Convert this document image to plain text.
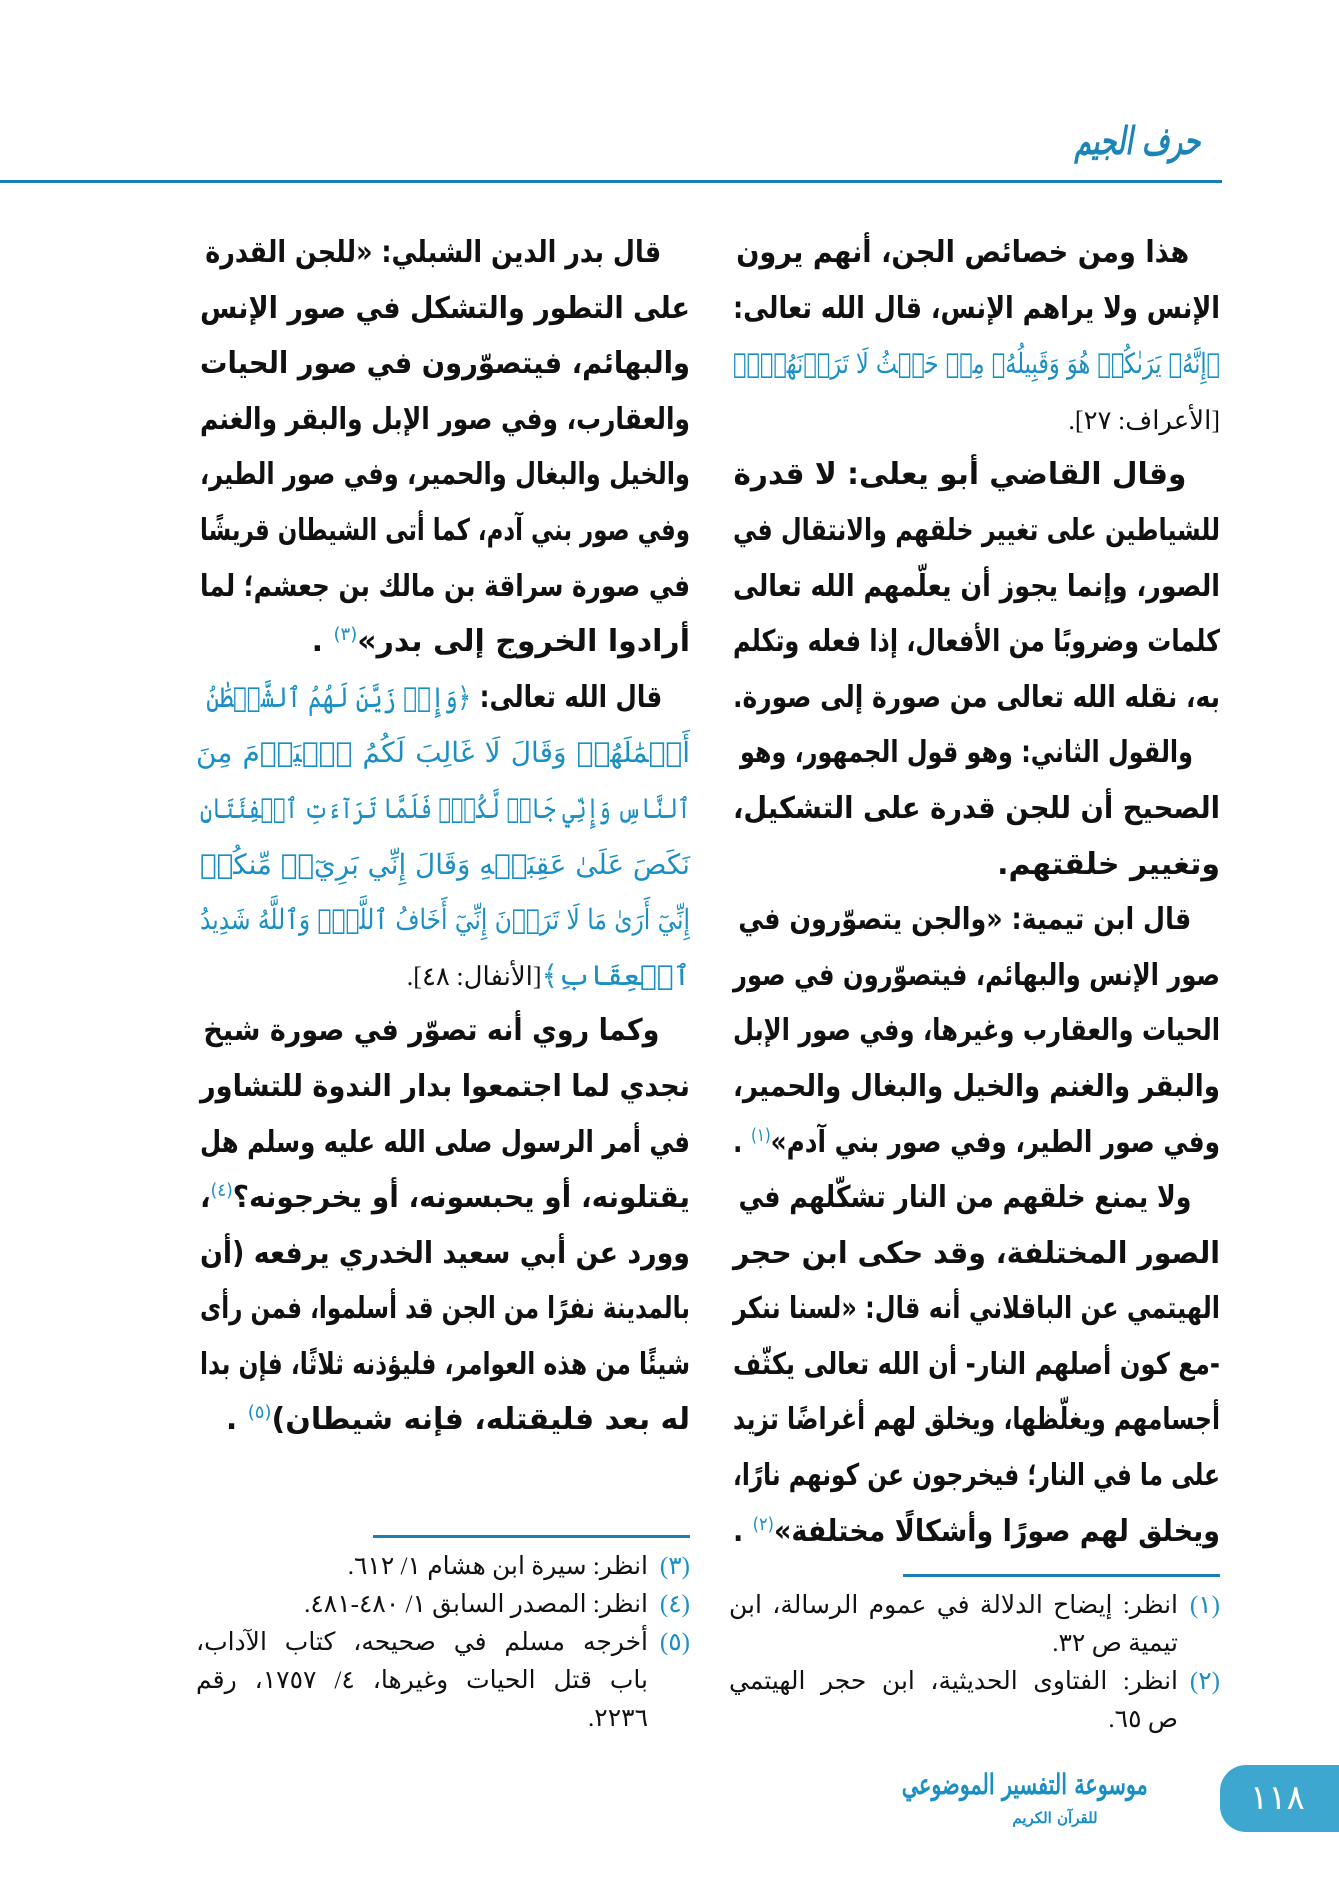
حرف الجيم
هذا ومن خصائص الجن، أنهم يرون
الإنس ولا يراهم الإنس، قال الله تعالى:
﴿إِنَّهُۥ يَرَىٰكُمۡ هُوَ وَقَبِيلُهُۥ مِنۡ حَيۡثُ لَا تَرَوۡنَهُمۡۗ﴾
[الأعراف: ٢٧].
وقال القاضي أبو يعلى: لا قدرة
للشياطين على تغيير خلقهم والانتقال في
الصور، وإنما يجوز أن يعلّمهم الله تعالى
كلمات وضروبًا من الأفعال، إذا فعله وتكلم
به، نقله الله تعالى من صورة إلى صورة.
والقول الثاني: وهو قول الجمهور، وهو
الصحيح أن للجن قدرة على التشكيل،
وتغيير خلقتهم.
قال ابن تيمية: «والجن يتصوّرون في
صور الإنس والبهائم، فيتصوّرون في صور
الحيات والعقارب وغيرها، وفي صور الإبل
والبقر والغنم والخيل والبغال والحمير،
وفي صور الطير، وفي صور بني آدم»$^{(١)}$ .
ولا يمنع خلقهم من النار تشكّلهم في
الصور المختلفة، وقد حكى ابن حجر
الهيتمي عن الباقلاني أنه قال: «لسنا ننكر
-مع كون أصلهم النار- أن الله تعالى يكثّف
أجسامهم ويغلّظها، ويخلق لهم أغراضًا تزيد
على ما في النار؛ فيخرجون عن كونهم نارًا،
ويخلق لهم صورًا وأشكالًا مختلفة»$^{(٢)}$ .
قال بدر الدين الشبلي: «للجن القدرة
على التطور والتشكل في صور الإنس
والبهائم، فيتصوّرون في صور الحيات
والعقارب، وفي صور الإبل والبقر والغنم
والخيل والبغال والحمير، وفي صور الطير،
وفي صور بني آدم، كما أتى الشيطان قريشًا
في صورة سراقة بن مالك بن جعشم؛ لما
أرادوا الخروج إلى بدر»$^{(٣)}$ .
قال الله تعالى: ﴿وَإِذۡ زَيَّنَ لَهُمُ ٱلشَّيۡطَٰنُ
أَعۡمَٰلَهُمۡ وَقَالَ لَا غَالِبَ لَكُمُ ٱلۡيَوۡمَ مِنَ
ٱلنَّاسِ وَإِنِّي جَارٞ لَّكُمۡۖ فَلَمَّا تَرَآءَتِ ٱلۡفِئَتَانِ
نَكَصَ عَلَىٰ عَقِبَيۡهِ وَقَالَ إِنِّي بَرِيٓءٞ مِّنكُمۡ
إِنِّيٓ أَرَىٰ مَا لَا تَرَوۡنَ إِنِّيٓ أَخَافُ ٱللَّهَۚ وَٱللَّهُ شَدِيدُ
ٱلۡعِقَابِ﴾[الأنفال: ٤٨].
وكما روي أنه تصوّر في صورة شيخ
نجدي لما اجتمعوا بدار الندوة للتشاور
في أمر الرسول صلى الله عليه وسلم هل
يقتلونه، أو يحبسونه، أو يخرجونه؟$^{(٤)}$،
وورد عن أبي سعيد الخدري يرفعه (أن
بالمدينة نفرًا من الجن قد أسلموا، فمن رأى
شيئًا من هذه العوامر، فليؤذنه ثلاثًا، فإن بدا
له بعد فليقتله، فإنه شيطان)$^{(٥)}$ .
(١)
انظر: إيضاح الدلالة في عموم الرسالة، ابن
تيمية ص ٣٢.
(٢)
انظر: الفتاوى الحديثية، ابن حجر الهيتمي
ص ٦٥.
(٣)
انظر: سيرة ابن هشام ١/ ٦١٢.
(٤)
انظر: المصدر السابق ١/ ٤٨٠-٤٨١.
(٥)
أخرجه مسلم في صحيحه، كتاب الآداب،
باب قتل الحيات وغيرها، ٤/ ١٧٥٧، رقم
٢٢٣٦.
موسوعة التفسير الموضوعي
للقرآن الكريم
١١٨
